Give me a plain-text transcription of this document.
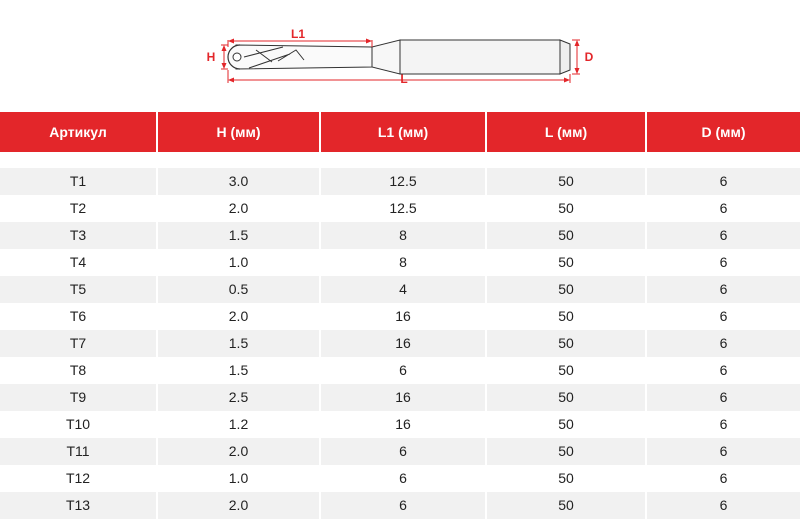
L1
H	D
L
Артикул	H (мм)	L1 (мм)	L (мм)	D (мм)

T1	3.0	12.5	50	6
T2	2.0	12.5	50	6
T3	1.5	8	50	6
T4	1.0	8	50	6
T5	0.5	4	50	6
T6	2.0	16	50	6
T7	1.5	16	50	6
T8	1.5	6	50	6
T9	2.5	16	50	6
T10	1.2	16	50	6
T11	2.0	6	50	6
T12	1.0	6	50	6
T13	2.0	6	50	6
